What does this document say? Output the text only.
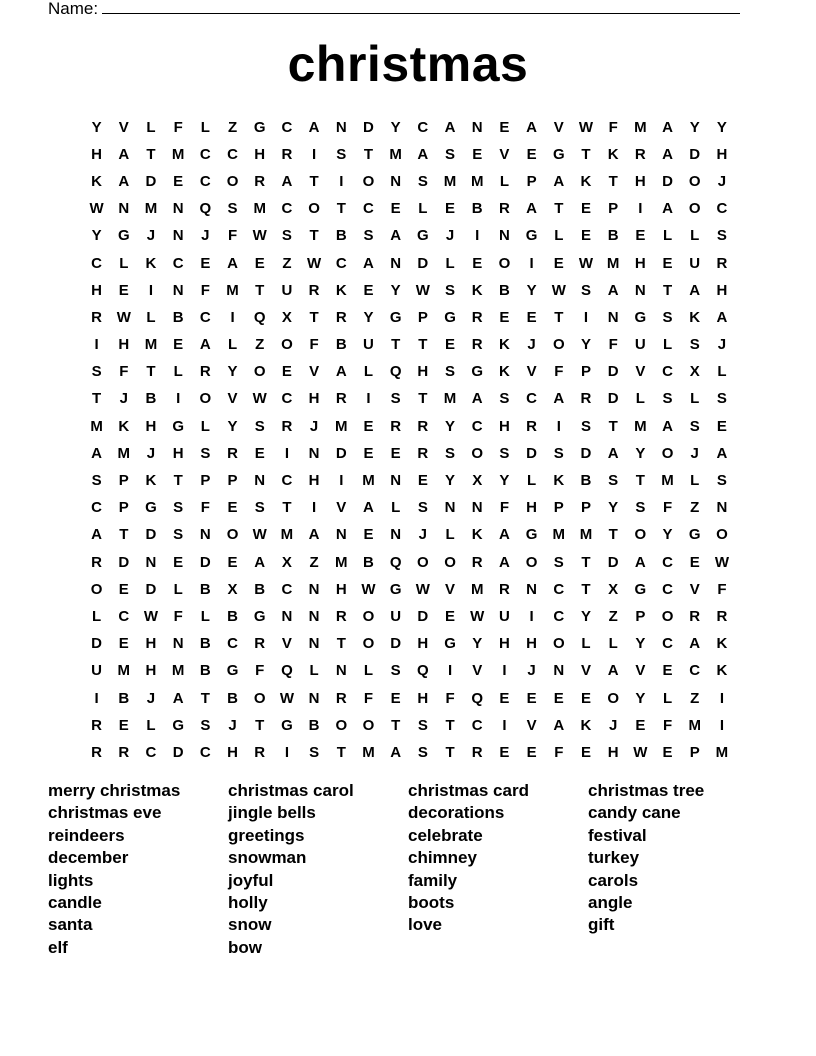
Name:
christmas
Y	V	L	F	L	Z	G	C	A	N	D	Y	C	A	N	E	A	V	W	F	M	A	Y	Y
H	A	T	M	C	C	H	R	I	S	T	M	A	S	E	V	E	G	T	K	R	A	D	H
K	A	D	E	C	O	R	A	T	I	O	N	S	M M	L	P	A	K	T	H	D	O	J
W N	M	N	Q	S	M	C	O	T	C	E	L	E	B	R	A	T	E	P	I	A	O	C
Y	G	J	N	J	F	W	S	T	B	S	A	G	J	I	N	G	L	E	B	E	L	L	S
C	L	K	C	E	A	E	Z	W C	A	N	D	L	E	O	I	E	W M	H	E	U	R
H	E	I	N	F	M	T	U	R	K	E	Y	W	S	K	B	Y	W	S	A	N	T	A	H
R W	L	B	C	I	Q	X	T	R	Y	G	P	G	R	E	E	T	I	N	G	S	K	A
I	H	M	E	A	L	Z	O	F	B	U	T	T	E	R	K	J	O	Y	F	U	L	S	J
S	F	T	L	R	Y	O	E	V	A	L	Q	H	S	G	K	V	F	P	D	V	C	X	L
T	J	B	I	O	V	W C	H	R	I	S	T	M	A	S	C	A	R	D	L	S	L	S
M	K	H	G	L	Y	S	R	J	M	E	R	R	Y	C	H	R	I	S	T	M	A	S	E
A	M	J	H	S	R	E	I	N	D	E	E	R	S	O	S	D	S	D	A	Y	O	J	A
S	P	K	T	P	P	N	C	H	I	M	N	E	Y	X	Y	L	K	B	S	T	M	L	S
C	P	G	S	F	E	S	T	I	V	A	L	S	N	N	F	H	P	P	Y	S	F	Z	N
A	T	D	S	N	O W M	A	N	E	N	J	L	K	A	G	M M	T	O	Y	G	O
R	D	N	E	D	E	A	X	Z	M	B	Q	O	O	R	A	O	S	T	D	A	C	E	W
O	E	D	L	B	X	B	C	N	H W G W	V	M	R	N	C	T	X	G	C	V	F
L	C W	F	L	B	G	N	N	R	O	U	D	E	W U	I	C	Y	Z	P	O	R	R
D	E	H	N	B	C	R	V	N	T	O	D	H	G	Y	H	H	O	L	L	Y	C	A	K
U	M	H	M	B	G	F	Q	L	N	L	S	Q	I	V	I	J	N	V	A	V	E	C	K
I	B	J	A	T	B	O W N	R	F	E	H	F	Q	E	E	E	E	O	Y	L	Z	I
R	E	L	G	S	J	T	G	B	O	O	T	S	T	C	I	V	A	K	J	E	F	M	I
R	R	C	D	C	H	R	I	S	T	M	A	S	T	R	E	E	F	E	H W	E	P	M
merry christmas
christmas eve
reindeers
december
lights
candle
santa
elf
christmas carol
jingle bells
greetings
snowman
joyful
holly
snow
bow
christmas card
decorations
celebrate
chimney
family
boots
love
christmas tree
candy cane
festival
turkey
carols
angle
gift
